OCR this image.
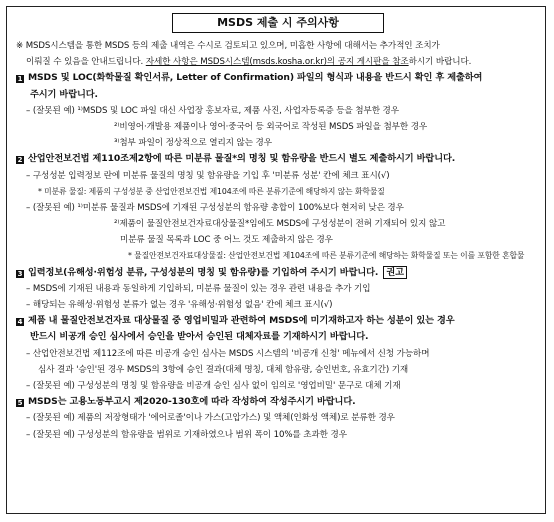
MSDS 제출 시 주의사항
※ MSDS시스템을 통한 MSDS 등의 제출 내역은 수시로 검토되고 있으며, 미흡한 사항에 대해서는 추가적인 조치가
이뤄질 수 있음을 안내드립니다. 자세한 사항은 MSDS시스템(msds.kosha.or.kr)의 공지 게시판을 참조하시기 바랍니다.
1 MSDS 및 LOC(화학물질 확인서류, Letter of Confirmation) 파일의 형식과 내용을 반드시 확인 후 제출하여
주시기 바랍니다.
– (잘못된 예) ¹⁾MSDS 및 LOC 파일 대신 사업장 홍보자료, 제품 사진, 사업자등록증 등을 첨부한 경우
²⁾비영어·개발용 제품이나 영어·중국어 등 외국어로 작성된 MSDS 파일을 첨부한 경우
³⁾첨부 파일이 정상적으로 열리지 않는 경우
2 산업안전보건법 제110조제2항에 따른 미분류 물질*의 명칭 및 함유량을 반드시 별도 제출하시기 바랍니다.
– 구성성분 입력정보 란에 미분류 물질의 명칭 및 함유량을 기입 후 '미분류 성분' 칸에 체크 표시(√)
* 미분류 물질: 제품의 구성성분 중 산업안전보건법 제104조에 따른 분류기준에 해당하지 않는 화학물질
– (잘못된 예) ¹⁾미분류 물질과 MSDS에 기재된 구성성분의 함유량 총합이 100%보다 현저히 낮은 경우
²⁾제품이 물질안전보건자료대상물질*임에도 MSDS에 구성성분이 전혀 기재되어 있지 않고
미분류 물질 목록과 LOC 중 어느 것도 제출하지 않은 경우
* 물질안전보건자료대상물질: 산업안전보건법 제104조에 따른 분류기준에 해당하는 화학물질 또는 이를 포함한 혼합물
3 입력정보(유해성·위험성 분류, 구성성분의 명칭 및 함유량)를 기입하여 주시기 바랍니다. 권고
– MSDS에 기재된 내용과 동일하게 기입하되, 미분류 물질이 있는 경우 관련 내용을 추가 기입
– 해당되는 유해성·위험성 분류가 없는 경우 '유해성·위험성 없음' 칸에 체크 표시(√)
4 제품 내 물질안전보건자료 대상물질 중 영업비밀과 관련하여 MSDS에 미기재하고자 하는 성분이 있는 경우
반드시 비공개 승인 심사에서 승인을 받아서 승인된 대체자료를 기재하시기 바랍니다.
– 산업안전보건법 제112조에 따른 비공개 승인 심사는 MSDS 시스템의 '비공개 신청' 메뉴에서 신청 가능하며
심사 결과 '승인'된 경우 MSDS의 3항에 승인 결과(대체 명칭, 대체 함유량, 승인번호, 유효기간) 기재
– (잘못된 예) 구성성분의 명칭 및 함유량을 비공개 승인 심사 없이 임의로 '영업비밀' 문구로 대체 기재
5 MSDS는 고용노동부고시 제2020-130호에 따라 작성하여 작성주시기 바랍니다.
– (잘못된 예) 제품의 저장형태가 '에어로졸'이나 가스(고압가스) 및 액체(인화성 액체)로 분류한 경우
– (잘못된 예) 구성성분의 함유량을 범위로 기재하였으나 범위 폭이 10%를 초과한 경우
